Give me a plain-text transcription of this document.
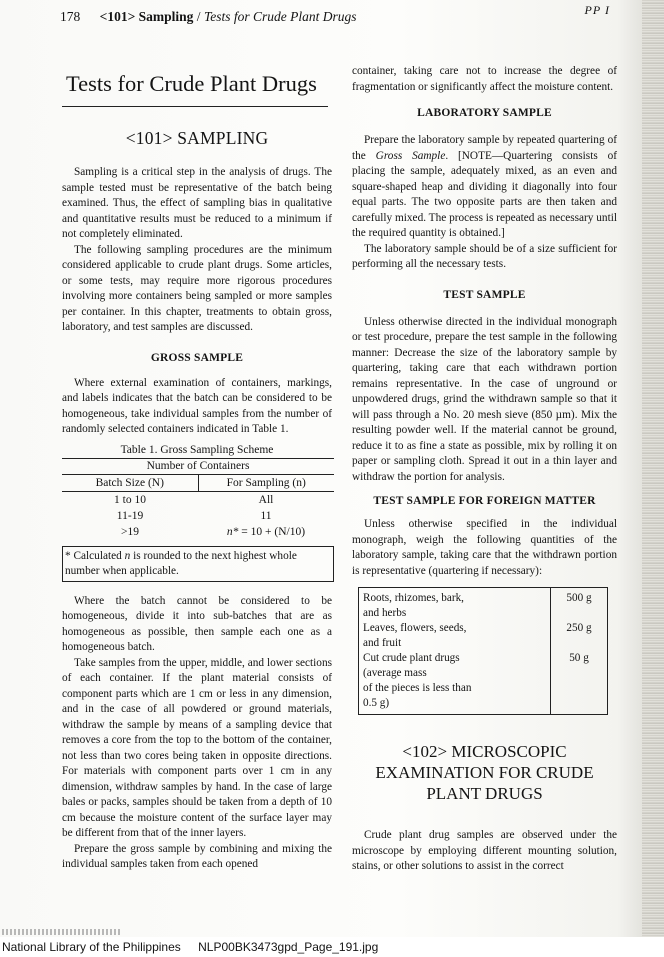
178 <101> Sampling / Tests for Crude Plant Drugs	PP I
Tests for Crude Plant Drugs
<101> SAMPLING

Sampling is a critical step in the analysis of drugs. The sample tested must be representative of the batch being examined. Thus, the effect of sampling bias in qualitative and quantitative results must be reduced to a minimum if not completely eliminated.

The following sampling procedures are the minimum considered applicable to crude plant drugs. Some articles, or some tests, may require more rigorous procedures involving more containers being sampled or more samples per container. In this chapter, treatments to obtain gross, laboratory, and test samples are discussed.

GROSS SAMPLE

Where external examination of containers, markings, and labels indicates that the batch can be considered to be homogeneous, take individual samples from the number of randomly selected containers indicated in Table 1.

Table 1. Gross Sampling Scheme
Number of Containers	
Batch Size (N)	For Sampling (n)
1 to 10	All
11-19	11
>19	n* = 10 + (N/10)
* Calculated n is rounded to the next highest whole number when applicable.

Where the batch cannot be considered to be homogeneous, divide it into sub-batches that are as homogeneous as possible, then sample each one as a homogeneous batch.

Take samples from the upper, middle, and lower sections of each container. If the plant material consists of component parts which are 1 cm or less in any dimension, and in the case of all powdered or ground materials, withdraw the sample by means of a sampling device that removes a core from the top to the bottom of the container, not less than two cores being taken in opposite directions. For materials with component parts over 1 cm in any dimension, withdraw samples by hand. In the case of large bales or packs, samples should be taken from a depth of 10 cm because the moisture content of the surface layer may be different from that of the inner layers.

Prepare the gross sample by combining and mixing the individual samples taken from each opened

container, taking care not to increase the degree of fragmentation or significantly affect the moisture content.

LABORATORY SAMPLE

Prepare the laboratory sample by repeated quartering of the Gross Sample. [NOTE—Quartering consists of placing the sample, adequately mixed, as an even and square-shaped heap and dividing it diagonally into four equal parts. The two opposite parts are then taken and carefully mixed. The process is repeated as necessary until the required quantity is obtained.]

The laboratory sample should be of a size sufficient for performing all the necessary tests.

TEST SAMPLE

Unless otherwise directed in the individual monograph or test procedure, prepare the test sample in the following manner: Decrease the size of the laboratory sample by quartering, taking care that each withdrawn portion remains representative. In the case of unground or unpowdered drugs, grind the withdrawn sample so that it will pass through a No. 20 mesh sieve (850 µm). Mix the resulting powder well. If the material cannot be ground, reduce it to as fine a state as possible, mix by rolling it on paper or sampling cloth. Spread it out in a thin layer and withdraw the portion for analysis.

TEST SAMPLE FOR FOREIGN MATTER

Unless otherwise specified in the individual monograph, weigh the following quantities of the laboratory sample, taking care that the withdrawn portion is representative (quartering if necessary):

Roots, rhizomes, bark,
and herbs	500 g
Leaves, flowers, seeds,
and fruit	250 g
Cut crude plant drugs
(average mass
of the pieces is less than
0.5 g)	50 g
<102> MICROSCOPIC
EXAMINATION FOR CRUDE
PLANT DRUGS

Crude plant drug samples are observed under the microscope by employing different mounting solution, stains, or other solutions to assist in the correct

National Library of the Philippines NLP00BK3473gpd_Page_191.jpg
